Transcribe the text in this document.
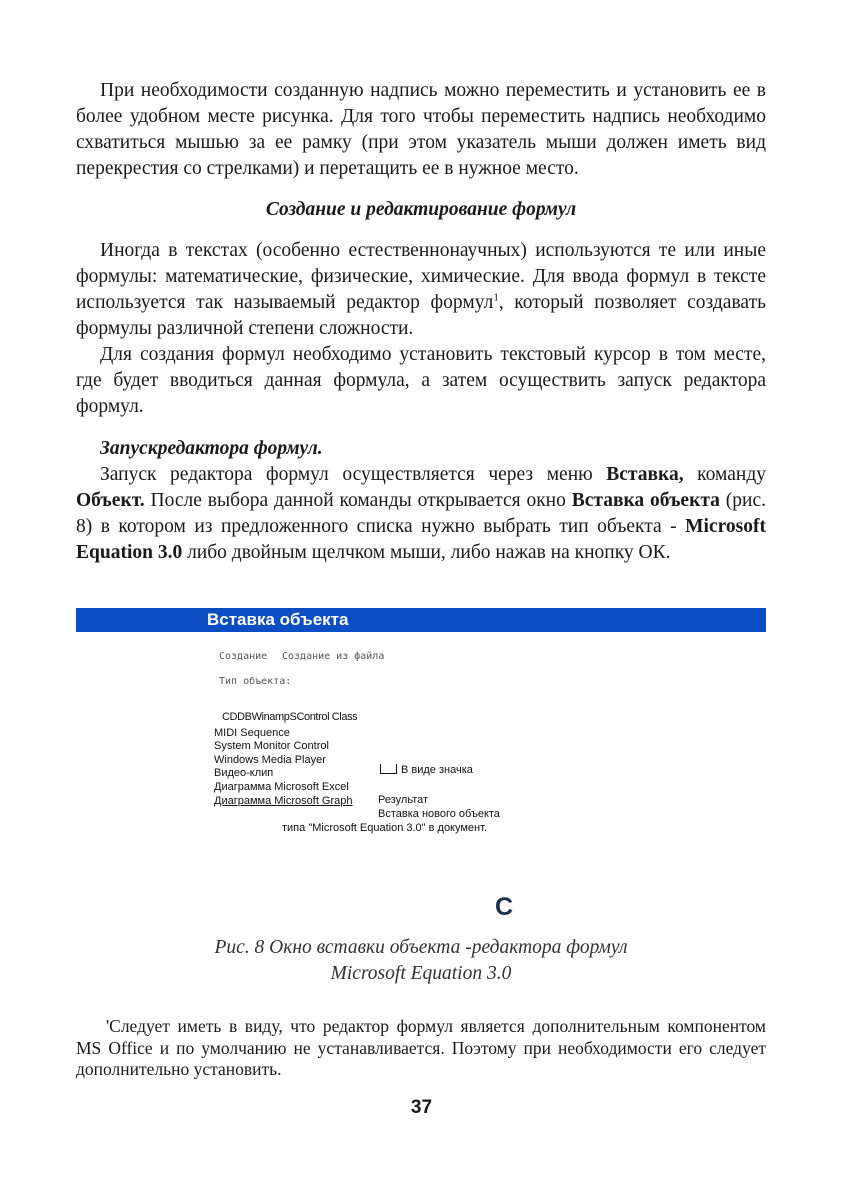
При необходимости созданную надпись можно переместить и установить ее в более удобном месте рисунка. Для того чтобы переместить надпись необходимо схватиться мышью за ее рамку (при этом указатель мыши должен иметь вид перекрестия со стрелками) и перетащить ее в нужное место.

Создание и редактирование формул

Иногда в текстах (особенно естественнонаучных) используются те или иные формулы: математические, физические, химические. Для ввода формул в тексте используется так называемый редактор формул$^1$, который позволяет создавать формулы различной степени сложности.

Для создания формул необходимо установить текстовый курсор в том месте, где будет вводиться данная формула, а затем осуществить запуск редактора формул.

Запускредактора формул.

Запуск редактора формул осуществляется через меню Вставка, команду Объект. После выбора данной команды открывается окно Вставка объекта (рис. 8) в котором из предложенного списка нужно выбрать тип объекта - Microsoft Equation 3.0 либо двойным щелчком мыши, либо нажав на кнопку ОК.

Вставка объекта
Создание Создание из файла
Тип объекта:
CDDBWinampSControl Class
MIDI Sequence
System Monitor Control
Windows Media Player
Видео-клип
Диаграмма Microsoft Excel
Диаграмма Microsoft Graph
В виде значка
Результат
Вставка нового объекта
типа "Microsoft Equation 3.0" в документ.
C
Рис. 8 Окно вставки объекта -редактора формул
Microsoft Equation 3.0

'Следует иметь в виду, что редактор формул является дополнительным компонентом MS Office и по умолчанию не устанавливается. Поэтому при необходимости его следует дополнительно установить.

37
